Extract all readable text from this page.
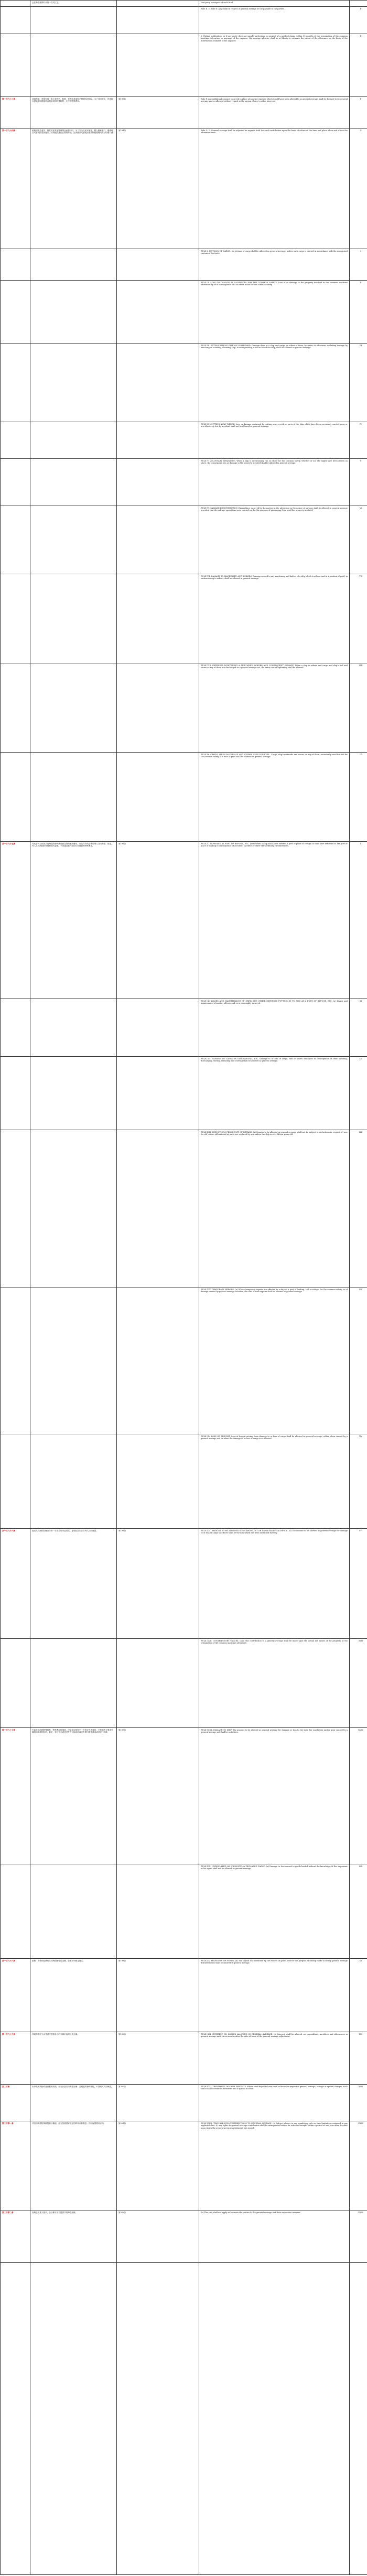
	已在海损理算时计算一次或以上。		that party in respect of such fund.	
			Rule E. 3. Rule E: Any claim in respect of general average or the payable to the parties...	E
			3. Failing notification, or if any party does not supply particulars in support of a notified claim, within 12 months of the termination of the common maritime adventure or payment of the expense, the average adjuster shall be at liberty to estimate the extent of the allowance on the basis of the information available to the adjuster.	E
第一百九十三条	共同海损，是指在同一海上航程中，船舶、货物和其他财产遭遇共同危险，为了共同安全，有意地合理地采取措施所直接造成的特殊牺牲、支付的特殊费用。	第193条	Rule F. Any additional expense incurred in place of another expense which would have been allowable as general average shall be deemed to be general average and so allowed without regard to the saving, if any, to other interests.	F
第一百九十四条	船舶因发生意外、牺牲或者其他特殊情况而损坏时，为了安全完成本航程，驶入避难港口、避难地点或者驶回装货港口、装货地点进行必要的修理，在该港口或者地点额外停留期间所支付的港口费...	第194条	Rule G. 1. General average shall be adjusted as regards both loss and contribution upon the basis of values at the time and place when and where the adventure ends.	G
			RULE I. JETTISON OF CARGO. No jettison of cargo shall be allowed as general average, unless such cargo is carried in accordance with the recognised custom of the trade.	I
			RULE II. LOSS OR DAMAGE BY SACRIFICES FOR THE COMMON SAFETY. Loss of or damage to the property involved in the common maritime adventure by or in consequence of a sacrifice made for the common safety.	II
			RULE III. EXTINGUISHING FIRE ON SHIPBOARD. Damage done to a ship and cargo, or either of them, by water or otherwise, including damage by beaching or scuttling a burning ship, in extinguishing a fire on board the ship, shall be allowed as general average.	III
			RULE IV. CUTTING AWAY WRECK. Loss or damage sustained by cutting away wreck or parts of the ship which have been previously carried away or are effectively lost by accident shall not be allowed as general average.	IV
			RULE V. VOLUNTARY STRANDING. When a ship is intentionally run on shore for the common safety, whether or not she might have been driven on shore, the consequent loss or damage to the property involved shall be allowed in general average.	V
			RULE VI. SALVAGE REMUNERATION. Expenditure incurred by the parties to the adventure in the nature of salvage shall be allowed in general average provided that the salvage operations were carried out for the purpose of preserving from peril the property involved.	VI
			RULE VII. DAMAGE TO MACHINERY AND BOILERS. Damage caused to any machinery and boilers of a ship which is ashore and in a position of peril, in endeavouring to refloat, shall be allowed in general average.	VII
			RULE VIII. EXPENSES LIGHTENING A SHIP WHEN ASHORE AND CONSEQUENT DAMAGE. When a ship is ashore and cargo and ship's fuel and stores or any of them are discharged as a general average act, the extra cost of lightening shall be allowed.	VIII
			RULE IX. CARGO, SHIP'S MATERIALS AND STORES USED FOR FUEL. Cargo, ship's materials and stores, or any of them, necessarily used for fuel for the common safety at a time of peril shall be allowed as general average.	IX
第一百九十五条	为代替可以列为共同海损的特殊费用而支付的额外费用，可以作为代替费用列入共同海损；但是，列入共同海损的代替费用的金额，不得超过被代替的共同海损的特殊费用。	第195条	RULE X. EXPENSES AT PORT OF REFUGE, ETC. (a)(i) When a ship shall have entered a port or place of refuge or shall have returned to her port or place of loading in consequence of accident, sacrifice or other extraordinary circumstances.	X
			RULE XI. WAGES AND MAINTENANCE OF CREW AND OTHER EXPENSES PUTTING IN TO AND AT A PORT OF REFUGE, ETC. (a) Wages and maintenance of master, officers and crew reasonably incurred.	XI
			RULE XII. DAMAGE TO CARGO IN DISCHARGING, ETC. Damage to or loss of cargo, fuel or stores sustained in consequence of their handling, discharging, storing, reloading and stowing shall be allowed as general average.	XII
			RULE XIII. DEDUCTIONS FROM COST OF REPAIRS. (a) Repairs to be allowed in general average shall not be subject to deductions in respect of 'new for old' where old material or parts are replaced by new unless the ship is over fifteen years old.	XIII
			RULE XIV. TEMPORARY REPAIRS. (a) Where temporary repairs are effected to a ship at a port of loading, call or refuge, for the common safety, or of damage caused by general average sacrifice, the cost of such repairs shall be allowed as general average.	XIV
			RULE XV. LOSS OF FREIGHT. Loss of freight arising from damage to or loss of cargo shall be allowed as general average, either when caused by a general average act, or when the damage to or loss of cargo is so allowed.	XV
第一百九十六条	提出共同海损分摊请求的一方应当负举证责任，证明其损失应当列入共同海损。	第196条	RULE XVI. AMOUNT TO BE ALLOWED FOR CARGO LOST OR DAMAGED BY SACRIFICE. (a) The amount to be allowed as general average for damage to or loss of cargo sacrificed shall be the loss which has been sustained thereby.	XVI
			RULE XVII. CONTRIBUTORY VALUES. (a)(i) The contribution to a general average shall be made upon the actual net values of the property at the termination of the common maritime adventure.	XVII
第一百九十七条	引起共同海损特殊牺牲、特殊费用的事故，可能是由航程中一方的过失造成的，不影响该方要求分摊共同海损的权利；但是，非过失方或者过失方可以就此项过失提出赔偿请求或者进行抗辩。	第197条	RULE XVIII. DAMAGE TO SHIP. The amount to be allowed as general average for damage or loss to the ship, her machinery and/or gear caused by a general average act shall be as follows.	XVIII
			RULE XIX. UNDECLARED OR WRONGFULLY DECLARED CARGO. (a) Damage or loss caused to goods loaded without the knowledge of the shipowner or his agent shall not be allowed as general average.	XIX
第一百九十八条	船舶、货物和运费的共同海损牺牲的金额，依照下列规定确定。	第198条	RULE XX. PROVISION OF FUNDS. (a) The capital loss sustained by the owners of goods sold for the purpose of raising funds to defray general average disbursements shall be allowed in general average.	XX
第一百九十九条	共同海损应当由受益方按照各自的分摊价值的比例分摊。	第199条	RULE XXI. INTEREST ON LOSSES ALLOWED IN GENERAL AVERAGE. (a) Interest shall be allowed on expenditure, sacrifices and allowances in general average until three months after the date of issue of the general average adjustment.	XXI
第二百条	未申报的货物或者谎报的货物，应当参加共同海损分摊；其遭受的特殊牺牲，不得列入共同海损。	第200条	RULE XXII. TREATMENT OF CASH DEPOSITS. Where cash deposits have been collected in respect of general average, salvage or special charges, such sums shall be remitted forthwith into a special account.	XXII
第二百零一条	对共同海损特殊牺牲和分摊值，应当按照国家规定的利率计算利息；共同海损费用亦同。	第201条	RULE XXIII. TIME BAR FOR CONTRIBUTIONS TO GENERAL AVERAGE. (a) Subject always to any mandatory rule on time limitation contained in any applicable law: (i) any rights to general average contribution shall be extinguished unless an action is brought within a period of one year after the date upon which the general average adjustment was issued.	XXIII
第二百零二条	经利益关系人要求，各分摊方应当提供共同海损担保。	第202条	(b) This rule shall not apply as between the parties to the general average and their respective insurers.	XXIII
